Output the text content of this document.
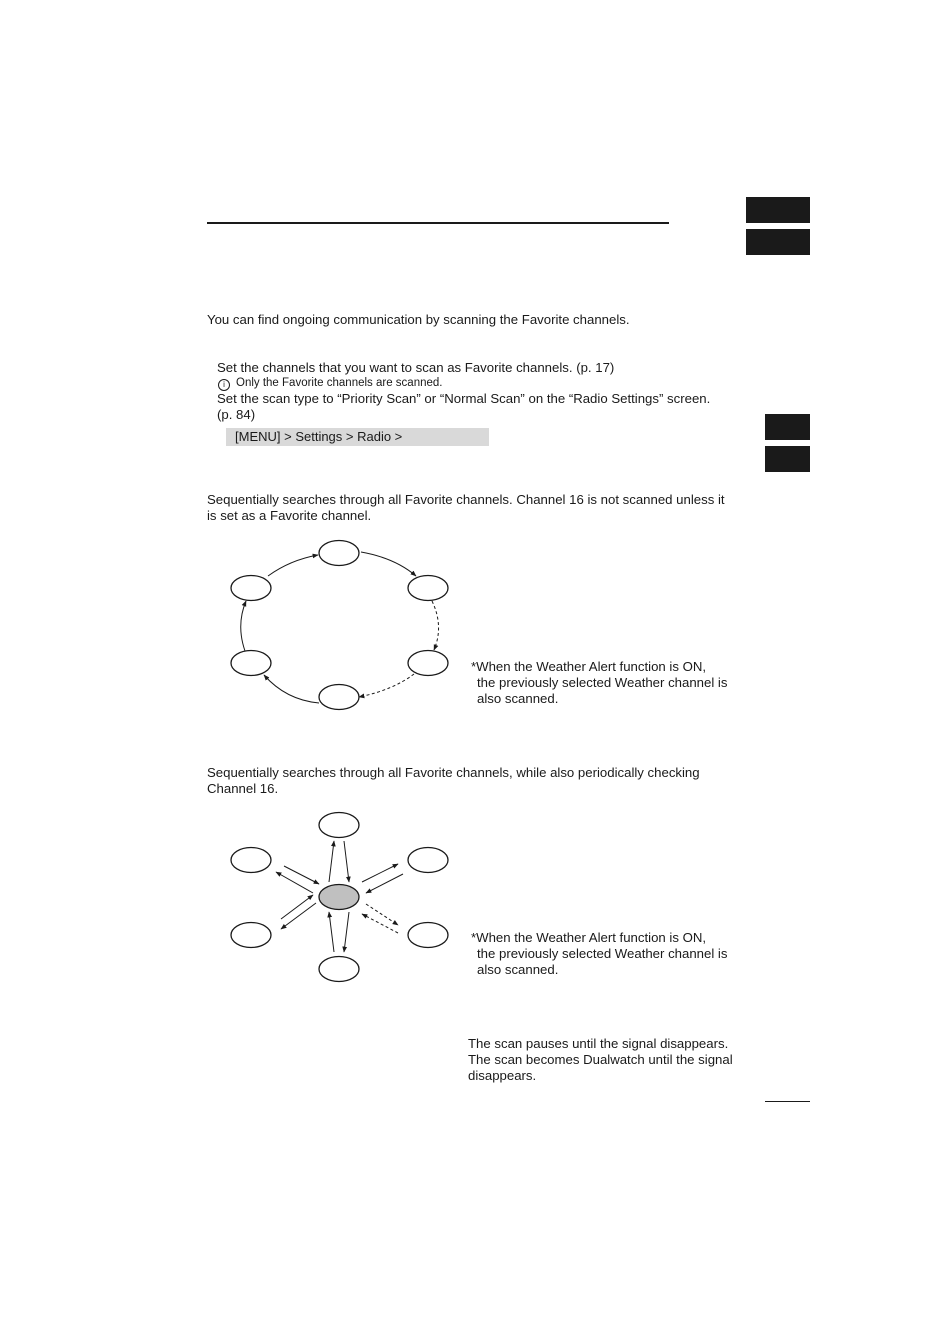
You can find ongoing communication by scanning the Favorite channels.
Set the channels that you want to scan as Favorite channels. (p. 17)
i Only the Favorite channels are scanned.
Set the scan type to “Priority Scan” or “Normal Scan” on the “Radio Settings” screen.
(p. 84)
[MENU] > Settings > Radio >
Sequentially searches through all Favorite channels. Channel 16 is not scanned unless it
is set as a Favorite channel.
*When the Weather Alert function is ON,
the previously selected Weather channel is
also scanned.
Sequentially searches through all Favorite channels, while also periodically checking
Channel 16.
*When the Weather Alert function is ON,
the previously selected Weather channel is
also scanned.
The scan pauses until the signal disappears.
The scan becomes Dualwatch until the signal
disappears.
